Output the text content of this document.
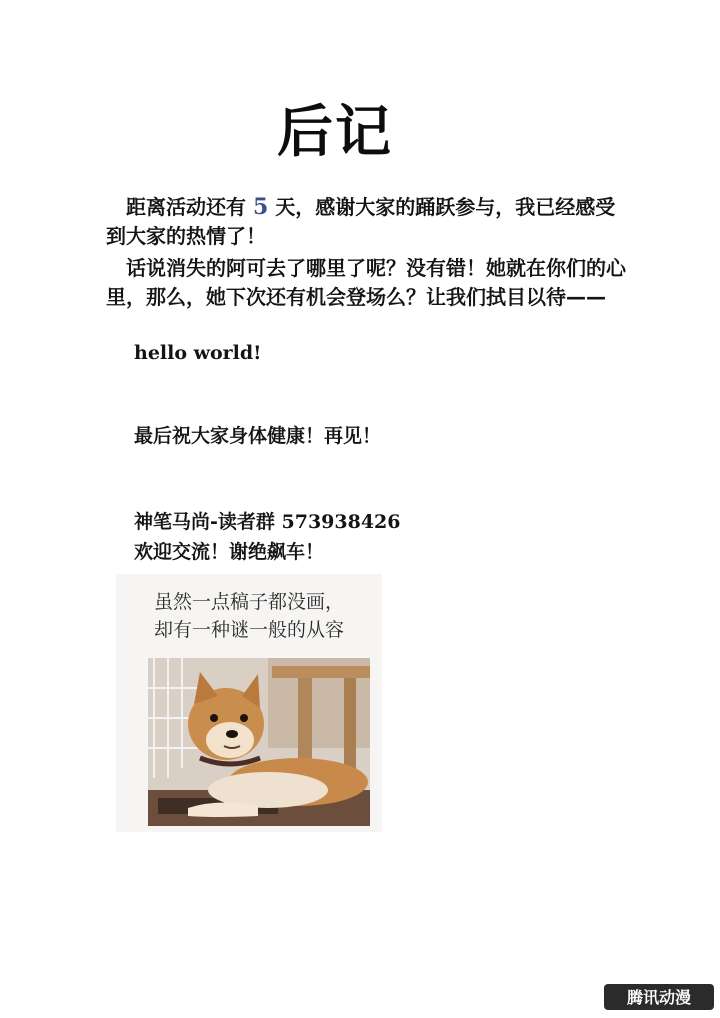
后记
距离活动还有 5 天，感谢大家的踊跃参与，我已经感受到大家的热情了！
话说消失的阿可去了哪里了呢？没有错！她就在你们的心里，那么，她下次还有机会登场么？让我们拭目以待——
hello world!
最后祝大家身体健康！再见！
神笔马尚-读者群 573938426
欢迎交流！谢绝飙车！
虽然一点稿子都没画，
却有一种谜一般的从容
腾讯动漫
